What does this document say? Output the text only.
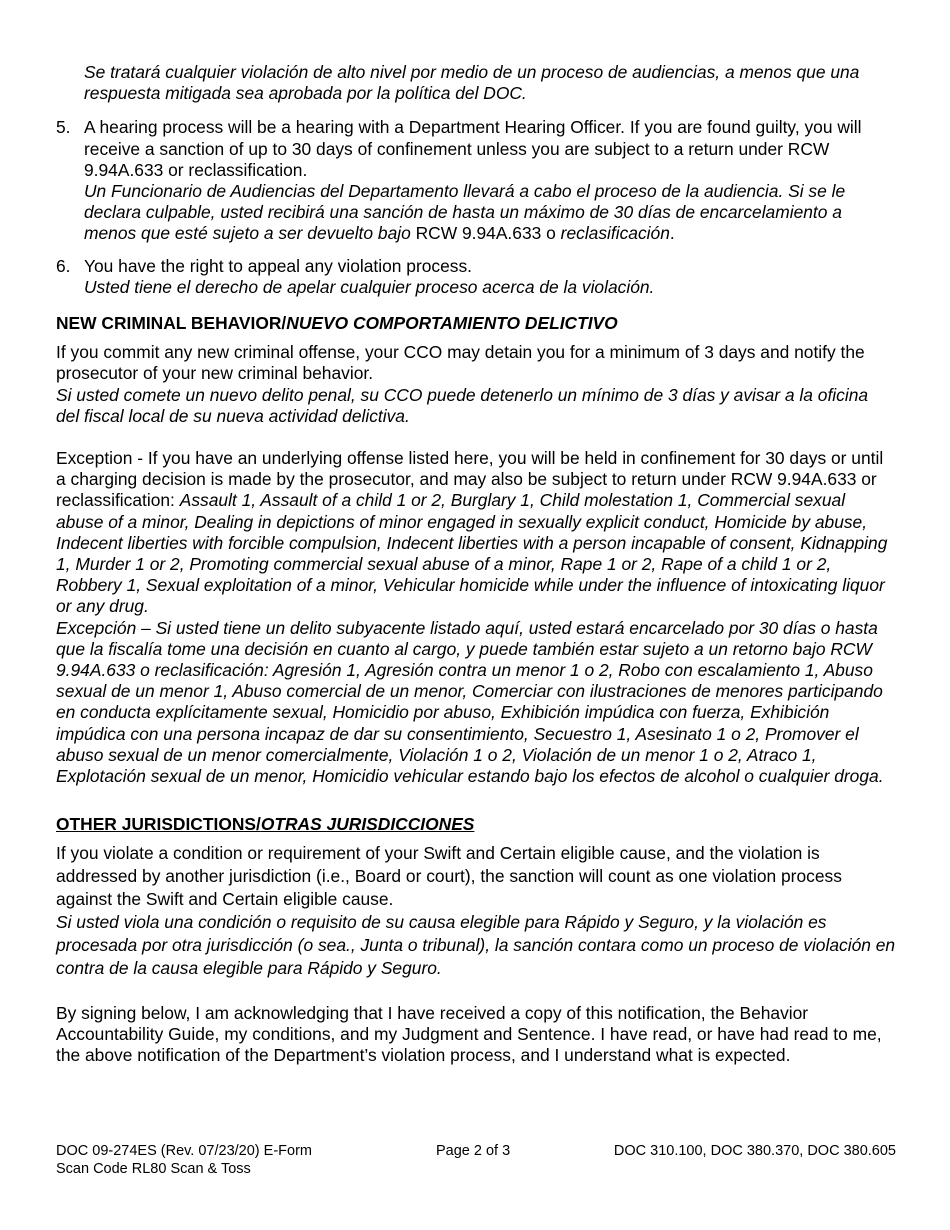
Se tratará cualquier violación de alto nivel por medio de un proceso de audiencias, a menos que una respuesta mitigada sea aprobada por la política del DOC.

5. A hearing process will be a hearing with a Department Hearing Officer. If you are found guilty, you will receive a sanction of up to 30 days of confinement unless you are subject to a return under RCW 9.94A.633 or reclassification.

Un Funcionario de Audiencias del Departamento llevará a cabo el proceso de la audiencia. Si se le declara culpable, usted recibirá una sanción de hasta un máximo de 30 días de encarcelamiento a menos que esté sujeto a ser devuelto bajo RCW 9.94A.633 o reclasificación.

6. You have the right to appeal any violation process.

Usted tiene el derecho de apelar cualquier proceso acerca de la violación.

NEW CRIMINAL BEHAVIOR/NUEVO COMPORTAMIENTO DELICTIVO

If you commit any new criminal offense, your CCO may detain you for a minimum of 3 days and notify the prosecutor of your new criminal behavior.

Si usted comete un nuevo delito penal, su CCO puede detenerlo un mínimo de 3 días y avisar a la oficina del fiscal local de su nueva actividad delictiva.

Exception - If you have an underlying offense listed here, you will be held in confinement for 30 days or until a charging decision is made by the prosecutor, and may also be subject to return under RCW 9.94A.633 or reclassification: Assault 1, Assault of a child 1 or 2, Burglary 1, Child molestation 1, Commercial sexual abuse of a minor, Dealing in depictions of minor engaged in sexually explicit conduct, Homicide by abuse, Indecent liberties with forcible compulsion, Indecent liberties with a person incapable of consent, Kidnapping 1, Murder 1 or 2, Promoting commercial sexual abuse of a minor, Rape 1 or 2, Rape of a child 1 or 2, Robbery 1, Sexual exploitation of a minor, Vehicular homicide while under the influence of intoxicating liquor or any drug.

Excepción – Si usted tiene un delito subyacente listado aquí, usted estará encarcelado por 30 días o hasta que la fiscalía tome una decisión en cuanto al cargo, y puede también estar sujeto a un retorno bajo RCW 9.94A.633 o reclasificación: Agresión 1, Agresión contra un menor 1 o 2, Robo con escalamiento 1, Abuso sexual de un menor 1, Abuso comercial de un menor, Comerciar con ilustraciones de menores participando en conducta explícitamente sexual, Homicidio por abuso, Exhibición impúdica con fuerza, Exhibición impúdica con una persona incapaz de dar su consentimiento, Secuestro 1, Asesinato 1 o 2, Promover el abuso sexual de un menor comercialmente, Violación 1 o 2, Violación de un menor 1 o 2, Atraco 1, Explotación sexual de un menor, Homicidio vehicular estando bajo los efectos de alcohol o cualquier droga.

OTHER JURISDICTIONS/OTRAS JURISDICCIONES

If you violate a condition or requirement of your Swift and Certain eligible cause, and the violation is addressed by another jurisdiction (i.e., Board or court), the sanction will count as one violation process against the Swift and Certain eligible cause.

Si usted viola una condición o requisito de su causa elegible para Rápido y Seguro, y la violación es procesada por otra jurisdicción (o sea., Junta o tribunal), la sanción contara como un proceso de violación en contra de la causa elegible para Rápido y Seguro.

By signing below, I am acknowledging that I have received a copy of this notification, the Behavior Accountability Guide, my conditions, and my Judgment and Sentence. I have read, or have had read to me, the above notification of the Department’s violation process, and I understand what is expected.

DOC 09-274ES (Rev. 07/23/20) E-Form
Scan Code RL80 Scan & Toss
Page 2 of 3	DOC 310.100, DOC 380.370, DOC 380.605
